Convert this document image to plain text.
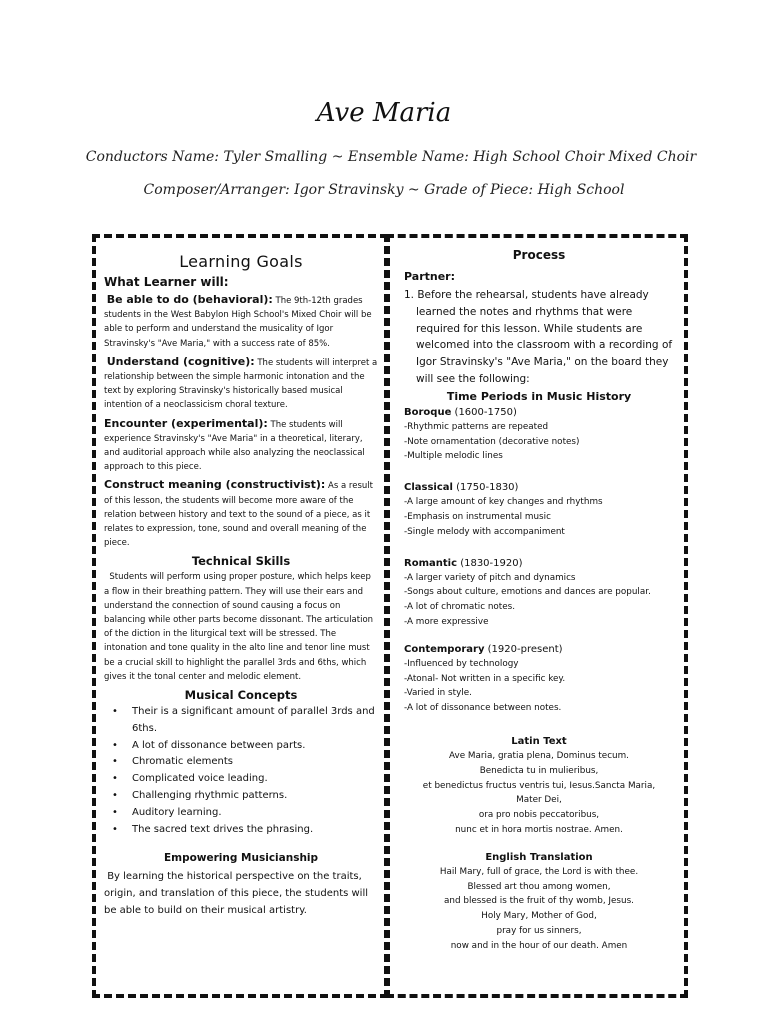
Ave Maria
Conductors Name: Tyler Smalling ~ Ensemble Name: High School Choir Mixed Choir
Composer/Arranger: Igor Stravinsky ~ Grade of Piece: High School
Learning Goals
What Learner will:

Be able to do (behavioral): The 9th-12th grades students in the West Babylon High School's Mixed Choir will be able to perform and understand the musicality of Igor Stravinsky's "Ave Maria," with a success rate of 85%.

Understand (cognitive): The students will interpret a relationship between the simple harmonic intonation and the text by exploring Stravinsky's historically based musical intention of a neoclassicism choral texture.

Encounter (experimental): The students will experience Stravinsky's "Ave Maria" in a theoretical, literary, and auditorial approach while also analyzing the neoclassical approach to this piece.

Construct meaning (constructivist): As a result of this lesson, the students will become more aware of the relation between history and text to the sound of a piece, as it relates to expression, tone, sound and overall meaning of the piece.

Technical Skills

Students will perform using proper posture, which helps keep a flow in their breathing pattern. They will use their ears and understand the connection of sound causing a focus on balancing while other parts become dissonant. The articulation of the diction in the liturgical text will be stressed. The intonation and tone quality in the alto line and tenor line must be a crucial skill to highlight the parallel 3rds and 6ths, which gives it the tonal center and melodic element.

Musical Concepts
• Their is a significant amount of parallel 3rds and 6ths.
• A lot of dissonance between parts.
• Chromatic elements
• Complicated voice leading.
• Challenging rhythmic patterns.
• Auditory learning.
• The sacred text drives the phrasing.
Empowering Musicianship

By learning the historical perspective on the traits, origin, and translation of this piece, the students will be able to build on their musical artistry.

Process
Partner:

1. Before the rehearsal, students have already learned the notes and rhythms that were required for this lesson. While students are welcomed into the classroom with a recording of Igor Stravinsky's "Ave Maria," on the board they will see the following:

Time Periods in Music History
Boroque (1600-1750)
-Rhythmic patterns are repeated
-Note ornamentation (decorative notes)
-Multiple melodic lines
Classical (1750-1830)
-A large amount of key changes and rhythms
-Emphasis on instrumental music
-Single melody with accompaniment
Romantic (1830-1920)
-A larger variety of pitch and dynamics
-Songs about culture, emotions and dances are popular.
-A lot of chromatic notes.
-A more expressive
Contemporary (1920-present)
-Influenced by technology
-Atonal- Not written in a specific key.
-Varied in style.
-A lot of dissonance between notes.
Latin Text
Ave Maria, gratia plena, Dominus tecum.
Benedicta tu in mulieribus,
et benedictus fructus ventris tui, Iesus.Sancta Maria,
Mater Dei,
ora pro nobis peccatoribus,
nunc et in hora mortis nostrae. Amen.
English Translation
Hail Mary, full of grace, the Lord is with thee.
Blessed art thou among women,
and blessed is the fruit of thy womb, Jesus.
Holy Mary, Mother of God,
pray for us sinners,
now and in the hour of our death. Amen
